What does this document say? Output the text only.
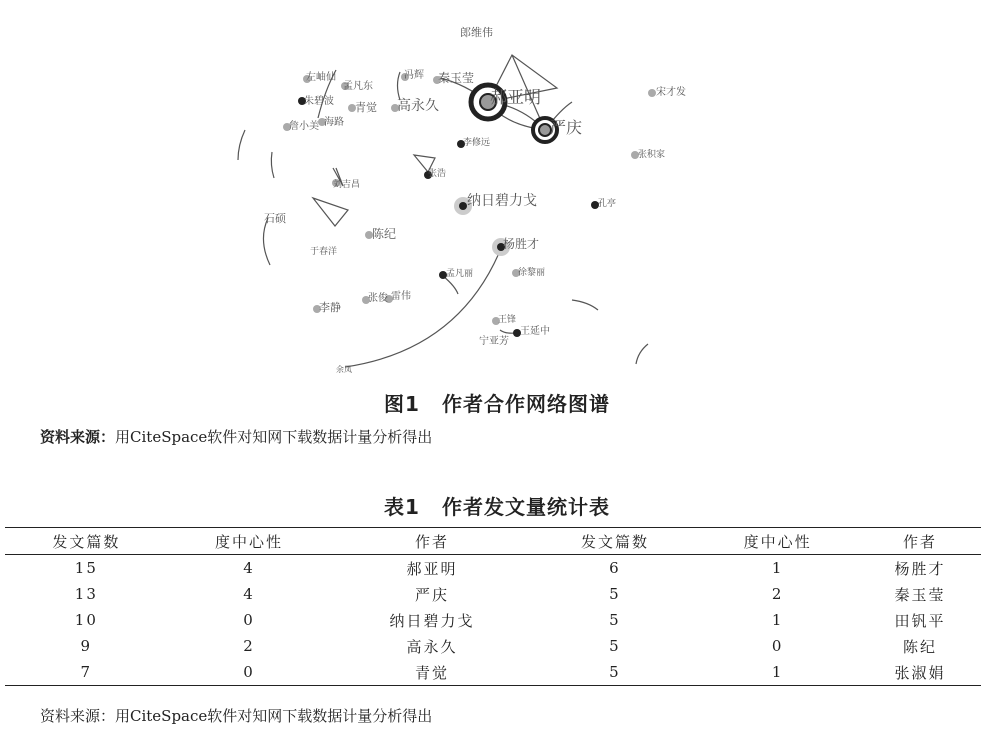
郎维伟
左岫仙
孟凡东
冯辉 秦玉莹
郝亚明	宋才发
朱碧波 青觉 高永久
严庆
詹小美 海路
李修远
张积家
刘吉昌
张浩
纳日碧力戈	孔亭
石硕
陈纪
于春洋
杨胜才
孟凡丽	徐黎丽
李静
张俊 雷伟
王锋
王延中
宁亚芳
余凤
图1 作者合作网络图谱
资料来源：用CiteSpace软件对知网下载数据计量分析得出
表1 作者发文量统计表
发文篇数	度中心性	作者	发文篇数	度中心性	作者
15	4	郝亚明	6	1	杨胜才
13	4	严庆	5	2	秦玉莹
10	0	纳日碧力戈	5	1	田钒平
9	2	高永久	5	0	陈纪
7	0	青觉	5	1	张淑娟
资料来源：用CiteSpace软件对知网下载数据计量分析得出
